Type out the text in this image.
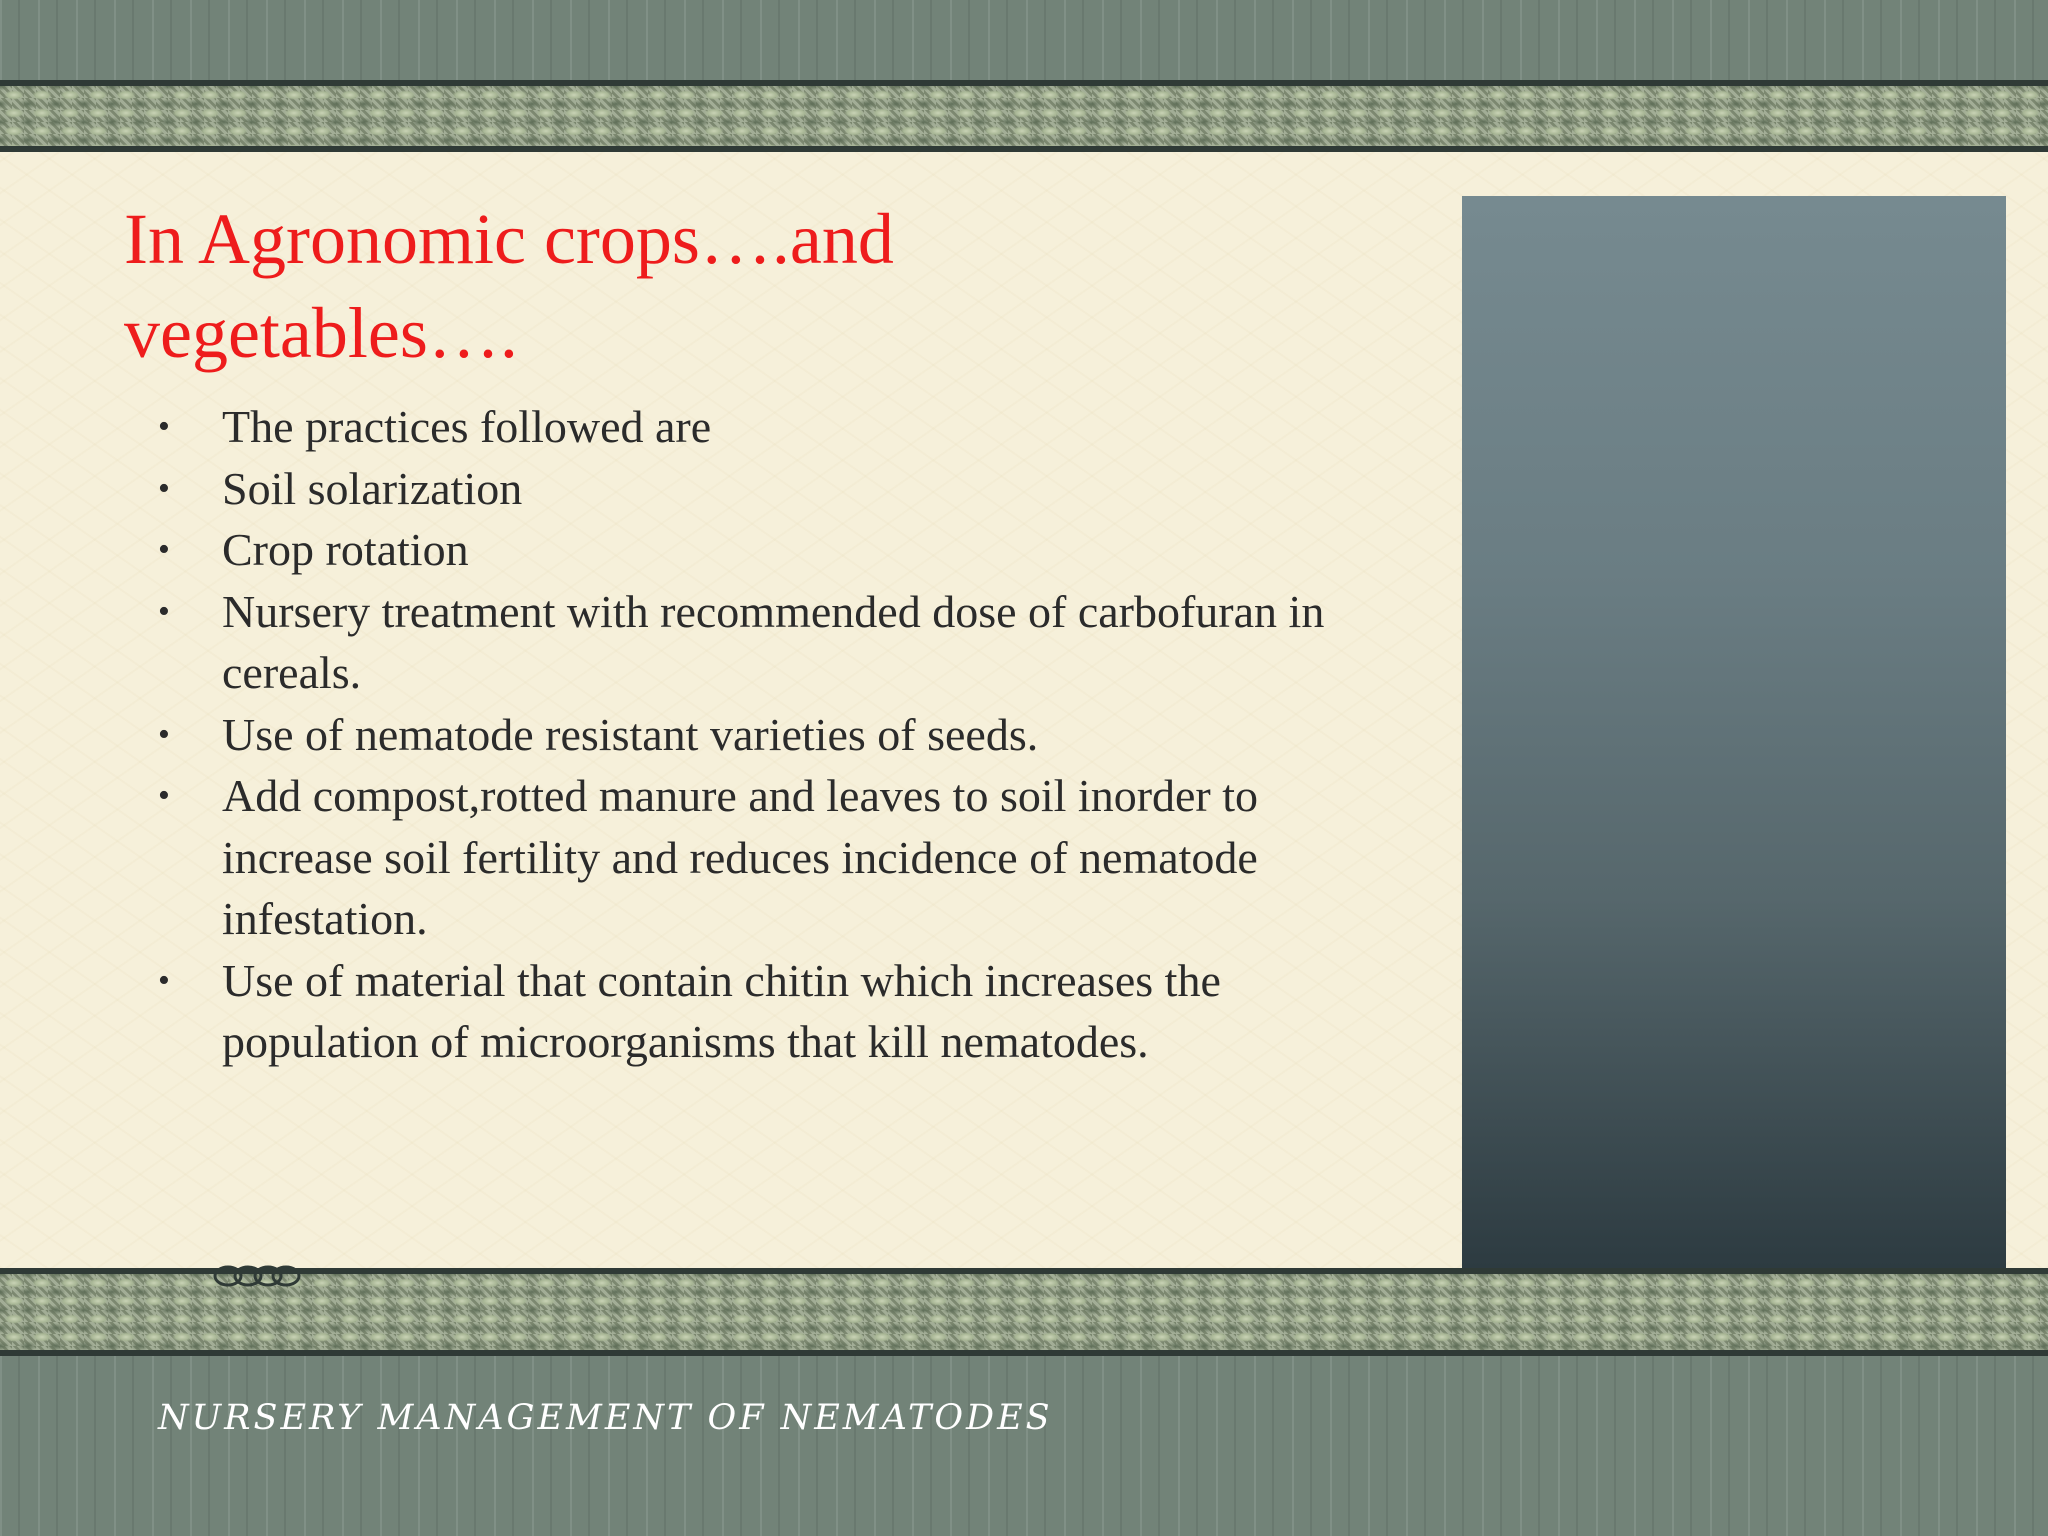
In Agronomic crops….and
vegetables….
• The practices followed are
• Soil solarization
• Crop rotation
• Nursery treatment with recommended dose of carbofuran in cereals.
• Use of nematode resistant varieties of seeds.
• Add compost,rotted manure and leaves to soil inorder to increase soil fertility and reduces incidence of nematode infestation.
• Use of material that contain chitin which increases the population of microorganisms that kill nematodes.
NURSERY MANAGEMENT OF NEMATODES
